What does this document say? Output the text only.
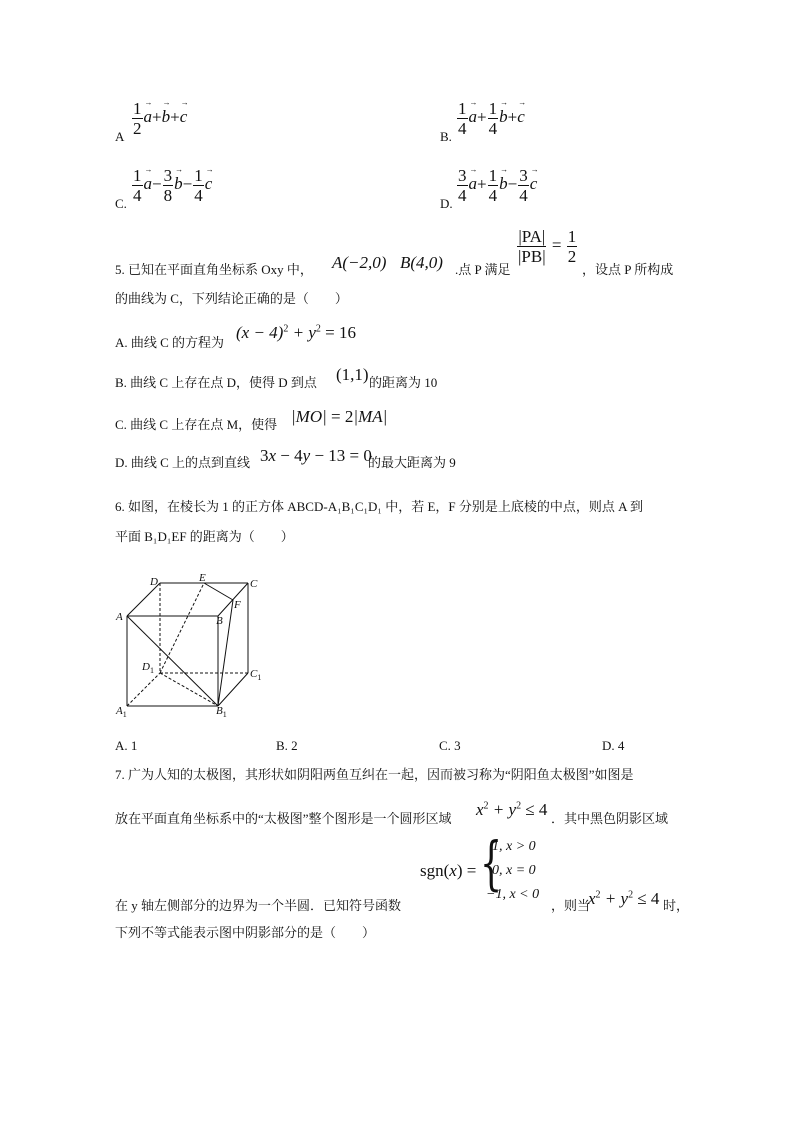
A $\frac{1}{2}$
→ a+→ b+→ c
B. $\frac{1}{4}$
→ $a+ \frac{1}{4}$
→ b+→ c
C. $\frac{1}{4}$
→ $a- \frac{3}{8}$
→ $b- \frac{1}{4}$
→ c
D. $\frac{3}{4}$
→ $a+ \frac{1}{4}$
→ $b- \frac{3}{4}$
→ c
5. 已知在平面直角坐标系 Oxy 中， A(−2,0) B(4,0) .点 P 满足
$\frac{|PA|}{|PB|} = \frac{1}{2}$
，设点 P 所构成
的曲线为 C，下列结论正确的是（　　）
A. 曲线 C 的方程为
$(x - 4)^2 + y^2 = 16$
B. 曲线 C 上存在点 D，使得 D 到点 (1,1) 的距离为 10
C. 曲线 C 上存在点 M，使得 |MO| = 2|MA|
D. 曲线 C 上的点到直线 3x − 4y − 13 = 0
的最大距离为 9
6. 如图，在棱长为 1 的正方体 ABCD-A₁B₁C₁D₁ 中，若 E，F 分别是上底棱的中点，则点 A 到
平面 B₁D₁EF 的距离为（　　）
D	E	C
A	B
F
$D_1$	$C_1$
$A_1$	$B_1$
A. 1	B. 2	C. 3	D. 4
7. 广为人知的太极图，其形状如阴阳两鱼互纠在一起，因而被习称为“阴阳鱼太极图”如图是
放在平面直角坐标系中的“太极图”整个图形是一个圆形区域 $x^2 + y^2 \le 4$ ．其中黑色阴影区域
sgn(x) = {
1, x > 0
0, x = 0
−1, x < 0
在 y 轴左侧部分的边界为一个半圆．已知符号函数	，则当
$x^2 + y^2 \le 4$ 时，
下列不等式能表示图中阴影部分的是（　　）
